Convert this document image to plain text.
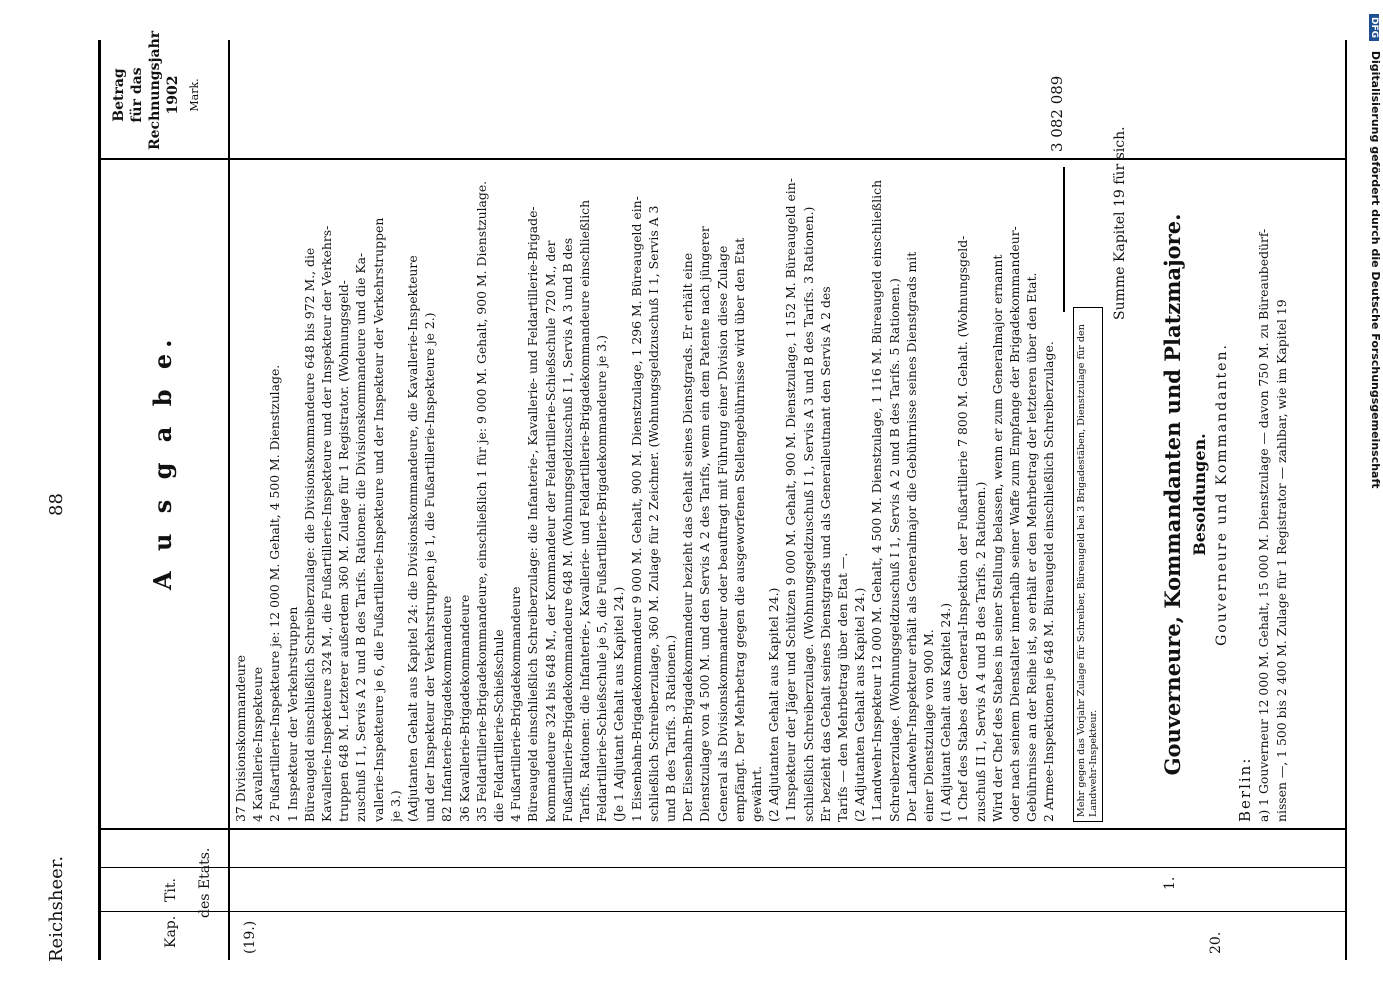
Reichsheer.
88	A u s g a b e.
Kap.
Tit. des Etats.
Betrag für das Rechnungsjahr 1902 Mark.
(19.)
1.
20.
37 Divisionskommandeure 4 Kavallerie-Inspekteure 2 Fußartillerie-Inspekteure je: 12 000 M. Gehalt, 4 500 M. Dienstzulage. 1 Inspekteur der Verkehrstruppen Büreaugeld einschließlich Schreiberzulage: die Divisionskommandeure 648 bis 972 M., die Kavallerie-Inspekteure 324 M., die Fußartillerie-Inspekteure und der Inspekteur der Verkehrs- truppen 648 M. Letzterer außerdem 360 M. Zulage für 1 Registrator. (Wohnungsgeld- zuschuß I 1, Servis A 2 und B des Tarifs. Rationen: die Divisionskommandeure und die Ka- vallerie-Inspekteure je 6, die Fußartillerie-Inspekteure und der Inspekteur der Verkehrstruppen je 3.) (Adjutanten Gehalt aus Kapitel 24: die Divisionskommandeure, die Kavallerie-Inspekteure und der Inspekteur der Verkehrstruppen je 1, die Fußartillerie-Inspekteure je 2.) 82 Infanterie-Brigadekommandeure 36 Kavallerie-Brigadekommandeure 35 Feldartillerie-Brigadekommandeure, einschließlich 1 für je: 9 000 M. Gehalt, 900 M. Dienstzulage. die Feldartillerie-Schießschule 4 Fußartillerie-Brigadekommandeure Büreaugeld einschließlich Schreiberzulage: die Infanterie-, Kavallerie- und Feldartillerie-Brigade- kommandeure 324 bis 648 M., der Kommandeur der Feldartillerie-Schießschule 720 M., der Fußartillerie-Brigadekommandeure 648 M. (Wohnungsgeldzuschuß I 1, Servis A 3 und B des Tarifs. Rationen: die Infanterie-, Kavallerie- und Feldartillerie-Brigadekommandeure einschließlich Feldartillerie-Schießschule je 5, die Fußartillerie-Brigadekommandeure je 3.) (Je 1 Adjutant Gehalt aus Kapitel 24.) 1 Eisenbahn-Brigadekommandeur 9 000 M. Gehalt, 900 M. Dienstzulage, 1 296 M. Büreaugeld ein- schließlich Schreiberzulage, 360 M. Zulage für 2 Zeichner. (Wohnungsgeldzuschuß I 1, Servis A 3 und B des Tarifs. 3 Rationen.) Der Eisenbahn-Brigadekommandeur bezieht das Gehalt seines Dienstgrads. Er erhält eine Dienstzulage von 4 500 M. und den Servis A 2 des Tarifs, wenn ein dem Patente nach jüngerer General als Divisionskommandeur oder beauftragt mit Führung einer Division diese Zulage empfängt. Der Mehrbetrag gegen die ausgeworfenen Stellengebührnisse wird über den Etat gewährt. (2 Adjutanten Gehalt aus Kapitel 24.) 1 Inspekteur der Jäger und Schützen 9 000 M. Gehalt, 900 M. Dienstzulage, 1 152 M. Büreaugeld ein- schließlich Schreiberzulage. (Wohnungsgeldzuschuß I 1, Servis A 3 und B des Tarifs. 3 Rationen.) Er bezieht das Gehalt seines Dienstgrads und als Generalleutnant den Servis A 2 des Tarifs — den Mehrbetrag über den Etat —. (2 Adjutanten Gehalt aus Kapitel 24.) 1 Landwehr-Inspekteur 12 000 M. Gehalt, 4 500 M. Dienstzulage, 1 116 M. Büreaugeld einschließlich Schreiberzulage. (Wohnungsgeldzuschuß I 1, Servis A 2 und B des Tarifs. 5 Rationen.) Der Landwehr-Inspekteur erhält als Generalmajor die Gebührnisse seines Dienstgrads mit einer Dienstzulage von 900 M. (1 Adjutant Gehalt aus Kapitel 24.) 1 Chef des Stabes der General-Inspektion der Fußartillerie 7 800 M. Gehalt. (Wohnungsgeld- zuschuß II 1, Servis A 4 und B des Tarifs. 2 Rationen.) Wird der Chef des Stabes in seiner Stellung belassen, wenn er zum Generalmajor ernannt oder nach seinem Dienstalter innerhalb seiner Waffe zum Empfange der Brigadekommandeur- Gebührnisse an der Reihe ist, so erhält er den Mehrbetrag der letzteren über den Etat. 2 Armee-Inspektionen je 648 M. Büreaugeld einschließlich Schreiberzulage.	Mehr gegen das Vorjahr Zulage für Schreiber, Büreaugeld bei 3 Brigadestäben, Dienstzulage für den Landwehr-Inspekteur.
3 082 089
Summe Kapitel 19 für sich. Gouverneure, Kommandanten und Platzmajore. Besoldungen. Gouverneure und Kommandanten.
Berlin: a) 1 Gouverneur 12 000 M. Gehalt, 15 000 M. Dienstzulage — davon 750 M. zu Büreaubedürf- nissen —, 1 500 bis 2 400 M. Zulage für 1 Registrator — zahlbar, wie im Kapitel 19
DFG Digitalisierung gefördert durch die Deutsche Forschungsgemeinschaft
